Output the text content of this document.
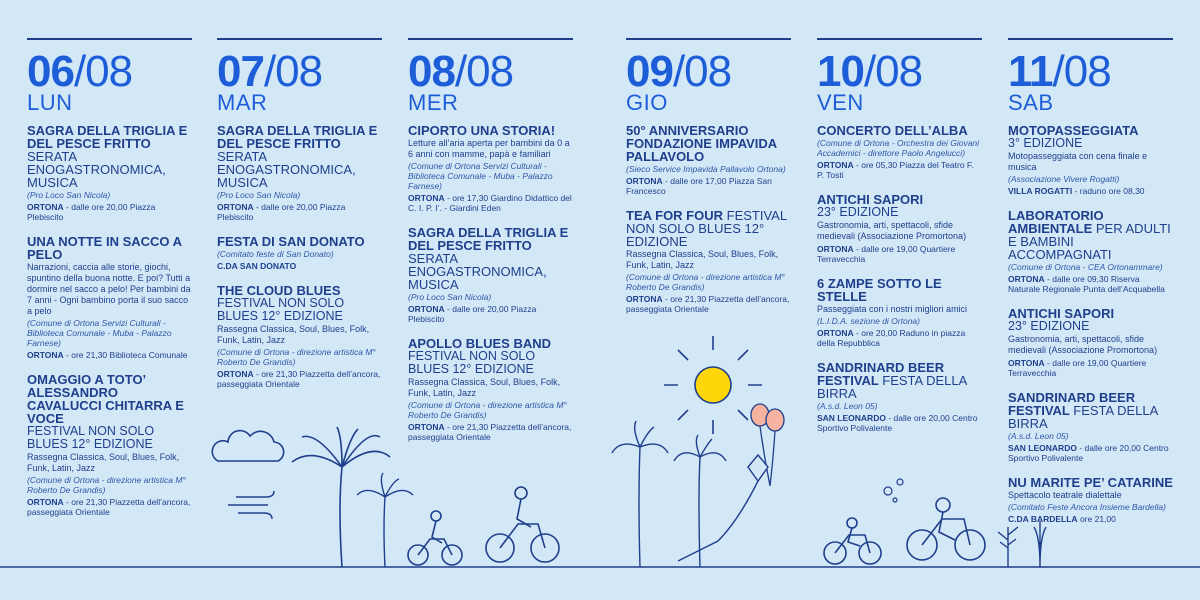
06/08
LUN
SAGRA DELLA TRIGLIA E DEL PESCE FRITTO SERATA ENOGASTRONOMICA, MUSICA
(Pro Loco San Nicola)
ORTONA - dalle ore 20,00 Piazza Plebiscito
UNA NOTTE IN SACCO A PELO
Narrazioni, caccia alle storie, giochi, spuntino della buona notte. E poi? Tutti a dormire nel sacco a pelo! Per bambini da 7 anni - Ogni bambino porta il suo sacco a pelo
(Comune di Ortona Servizi Culturali - Biblioteca Comunale - Muba - Palazzo Farnese)
ORTONA - ore 21,30 Biblioteca Comunale
OMAGGIO A TOTO’ ALESSANDRO CAVALUCCI CHITARRA E VOCE
FESTIVAL NON SOLO BLUES 12° EDIZIONE
Rassegna Classica, Soul, Blues, Folk, Funk, Latin, Jazz
(Comune di Ortona - direzione artistica M° Roberto De Grandis)
ORTONA - ore 21,30 Piazzetta dell’ancora, passeggiata Orientale
07/08
MAR
SAGRA DELLA TRIGLIA E DEL PESCE FRITTO SERATA ENOGASTRONOMICA, MUSICA
(Pro Loco San Nicola)
ORTONA - dalle ore 20,00 Piazza Plebiscito
FESTA DI SAN DONATO
(Comitato feste di San Donato)
C.DA SAN DONATO
THE CLOUD BLUES
FESTIVAL NON SOLO BLUES 12° EDIZIONE
Rassegna Classica, Soul, Blues, Folk, Funk, Latin, Jazz
(Comune di Ortona - direzione artistica M° Roberto De Grandis)
ORTONA - ore 21,30 Piazzetta dell’ancora, passeggiata Orientale
08/08
MER
CIPORTO UNA STORIA!
Letture all’aria aperta per bambini da 0 a 6 anni con mamme, papà e familiari
(Comune di Ortona Servizi Culturali - Biblioteca Comunale - Muba - Palazzo Farnese)
ORTONA - ore 17,30 Giardino Didattico del C. I. P. I’. - Giardini Eden
SAGRA DELLA TRIGLIA E DEL PESCE FRITTO SERATA ENOGASTRONOMICA, MUSICA
(Pro Loco San Nicola)
ORTONA - dalle ore 20,00 Piazza Plebiscito
APOLLO BLUES BAND
FESTIVAL NON SOLO BLUES 12° EDIZIONE
Rassegna Classica, Soul, Blues, Folk, Funk, Latin, Jazz
(Comune di Ortona - direzione artistica M° Roberto De Grandis)
ORTONA - ore 21,30 Piazzetta dell’ancora, passeggiata Orientale
09/08
GIO
50° ANNIVERSARIO FONDAZIONE IMPAVIDA PALLAVOLO
(Sieco Service Impavida Pallavolo Ortona)
ORTONA - dalle ore 17,00 Piazza San Francesco
TEA FOR FOUR FESTIVAL NON SOLO BLUES 12° EDIZIONE
Rassegna Classica, Soul, Blues, Folk, Funk, Latin, Jazz
(Comune di Ortona - direzione artistica M° Roberto De Grandis)
ORTONA - ore 21,30 Piazzetta dell’ancora, passeggiata Orientale
10/08
VEN
CONCERTO DELL’ALBA
(Comune di Ortona - Orchestra dei Giovani Accademici - direttore Paolo Angelucci)
ORTONA - ore 05,30 Piazza del Teatro F. P. Tosti
ANTICHI SAPORI
23° EDIZIONE
Gastronomia, arti, spettacoli, sfide medievali (Associazione Promortona)
ORTONA - dalle ore 19,00 Quartiere Terravecchia
6 ZAMPE SOTTO LE STELLE
Passeggiata con i nostri migliori amici
(L.I.D.A. sezione di Ortona)
ORTONA - ore 20,00 Raduno in piazza della Repubblica
SANDRINARD BEER FESTIVAL FESTA DELLA BIRRA
(A.s.d. Leon 05)
SAN LEONARDO - dalle ore 20,00 Centro Sportivo Polivalente
11/08
SAB
MOTOPASSEGGIATA
3° EDIZIONE
Motopasseggiata con cena finale e musica
(Associazione Vivere Rogatti)
VILLA ROGATTI - raduno ore 08,30
LABORATORIO AMBIENTALE PER ADULTI E BAMBINI ACCOMPAGNATI
(Comune di Ortona - CEA Ortonammare)
ORTONA - dalle ore 09,30 Riserva Naturale Regionale Punta dell’Acquabella
ANTICHI SAPORI
23° EDIZIONE
Gastronomia, arti, spettacoli, sfide medievali (Associazione Promortona)
ORTONA - dalle ore 19,00 Quartiere Terravecchia
SANDRINARD BEER FESTIVAL FESTA DELLA BIRRA
(A.s.d. Leon 05)
SAN LEONARDO - dalle ore 20,00 Centro Sportivo Polivalente
NU MARITE PE’ CATARINE
Spettacolo teatrale dialettale
(Comitato Feste Ancora Insieme Bardella)
C.DA BARDELLA ore 21,00
